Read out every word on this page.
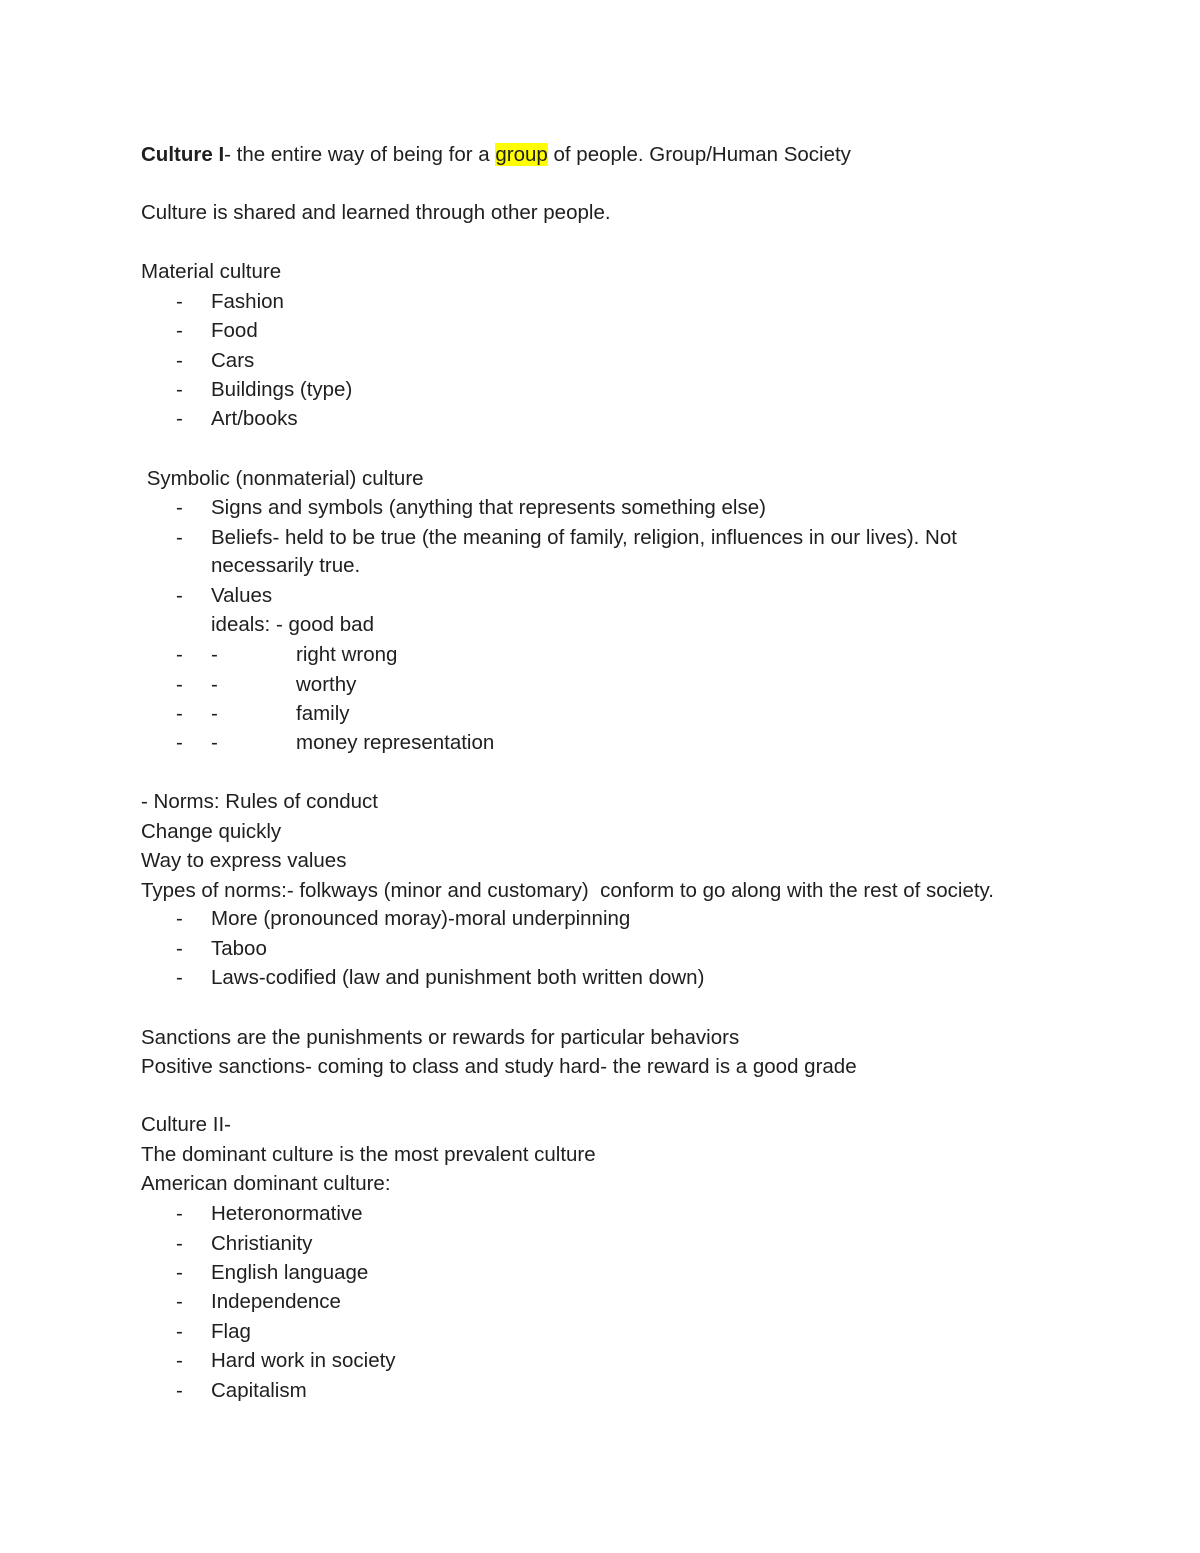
Culture I- the entire way of being for a group of people. Group/Human Society
Culture is shared and learned through other people.
Material culture
- Fashion
- Food
- Cars
- Buildings (type)
- Art/books
Symbolic (nonmaterial) culture
- Signs and symbols (anything that represents something else)
- Beliefs- held to be true (the meaning of family, religion, influences in our lives). Not
necessarily true.
- Values
ideals: - good bad
- -	right wrong
- -	worthy
- -	family
- -	money representation
- Norms: Rules of conduct
Change quickly
Way to express values
Types of norms:- folkways (minor and customary)  conform to go along with the rest of society.
- More (pronounced moray)-moral underpinning
- Taboo
- Laws-codified (law and punishment both written down)
Sanctions are the punishments or rewards for particular behaviors
Positive sanctions- coming to class and study hard- the reward is a good grade
Culture II-
The dominant culture is the most prevalent culture
American dominant culture:
- Heteronormative
- Christianity
- English language
- Independence
- Flag
- Hard work in society
- Capitalism
